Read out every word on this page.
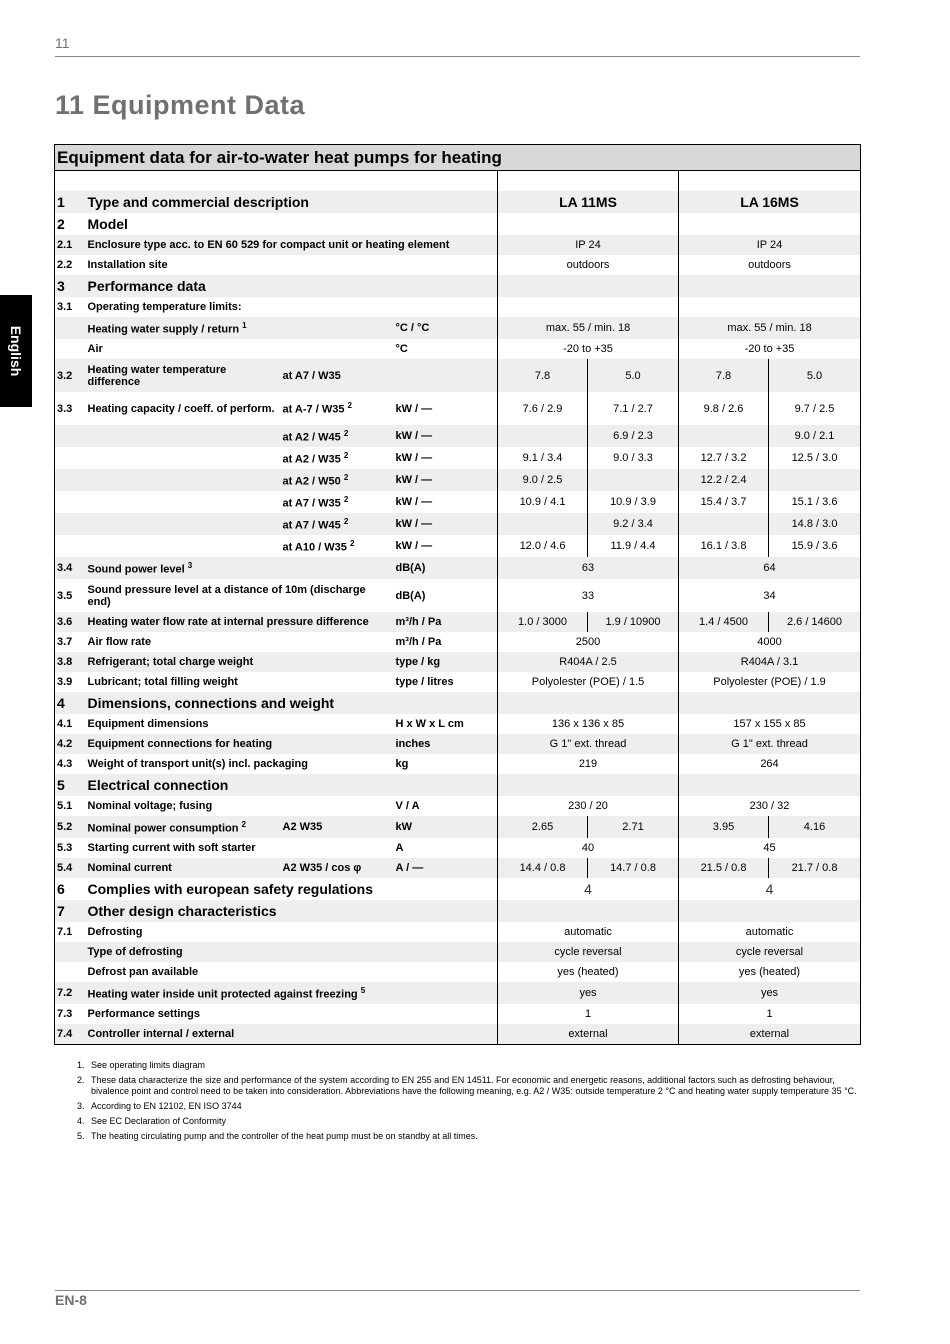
11
11 Equipment Data
English
Equipment data for air-to-water heat pumps for heating							

1	Type and commercial description			LA 11MS		LA 16MS	
2	Model						
2.1	Enclosure type acc. to EN 60 529 for compact unit or heating element			IP 24		IP 24	
2.2	Installation site			outdoors		outdoors	
3	Performance data						
3.1	Operating temperature limits:						
	Heating water supply / return $^1$		°C / °C	max. 55 / min. 18		max. 55 / min. 18	
	Air		°C	-20 to +35		-20 to +35	
3.2	Heating water temperature difference	at A7 / W35		7.8	5.0	7.8	5.0
3.3	Heating capacity / coeff. of perform.	at A-7 / W35 $^2$	kW / —	7.6 / 2.9	7.1 / 2.7	9.8 / 2.6	9.7 / 2.5
		at A2 / W45 $^2$	kW / —		6.9 / 2.3		9.0 / 2.1
		at A2 / W35 $^2$	kW / —	9.1 / 3.4	9.0 / 3.3	12.7 / 3.2	12.5 / 3.0
		at A2 / W50 $^2$	kW / —	9.0 / 2.5		12.2 / 2.4	
		at A7 / W35 $^2$	kW / —	10.9 / 4.1	10.9 / 3.9	15.4 / 3.7	15.1 / 3.6
		at A7 / W45 $^2$	kW / —		9.2 / 3.4		14.8 / 3.0
		at A10 / W35 $^2$	kW / —	12.0 / 4.6	11.9 / 4.4	16.1 / 3.8	15.9 / 3.6
3.4	Sound power level $^3$		dB(A)	63		64	
3.5	Sound pressure level at a distance of 10m (discharge end)		dB(A)	33		34	
3.6	Heating water flow rate at internal pressure difference		m³/h / Pa	1.0 / 3000	1.9 / 10900	1.4 / 4500	2.6 / 14600
3.7	Air flow rate		m³/h / Pa	2500		4000	
3.8	Refrigerant; total charge weight		type / kg	R404A / 2.5		R404A / 3.1	
3.9	Lubricant; total filling weight		type / litres	Polyolester (POE) / 1.5		Polyolester (POE) / 1.9	
4	Dimensions, connections and weight						
4.1	Equipment dimensions		H x W x L cm	136 x 136 x 85		157 x 155 x 85	
4.2	Equipment connections for heating		inches	G 1" ext. thread		G 1" ext. thread	
4.3	Weight of transport unit(s) incl. packaging		kg	219		264	
5	Electrical connection						
5.1	Nominal voltage; fusing		V / A	230 / 20		230 / 32	
5.2	Nominal power consumption $^2$	A2 W35	kW	2.65	2.71	3.95	4.16
5.3	Starting current with soft starter		A	40		45	
5.4	Nominal current	A2 W35 / cos φ	A / —	14.4 / 0.8	14.7 / 0.8	21.5 / 0.8	21.7 / 0.8
6	Complies with european safety regulations			4		4	
7	Other design characteristics						
7.1	Defrosting			automatic		automatic	
	Type of defrosting			cycle reversal		cycle reversal	
	Defrost pan available			yes (heated)		yes (heated)	
7.2	Heating water inside unit protected against freezing $^5$			yes		yes	
7.3	Performance settings			1		1	
7.4	Controller internal / external			external		external	
1. See operating limits diagram
2. These data characterize the size and performance of the system according to EN 255 and EN 14511. For economic and energetic reasons, additional factors such as defrosting behaviour, bivalence point and control need to be taken into consideration. Abbreviations have the following meaning, e.g. A2 / W35: outside temperature 2 °C and heating water supply temperature 35 °C.
3. According to EN 12102, EN ISO 3744
4. See EC Declaration of Conformity
5. The heating circulating pump and the controller of the heat pump must be on standby at all times.
EN-8
